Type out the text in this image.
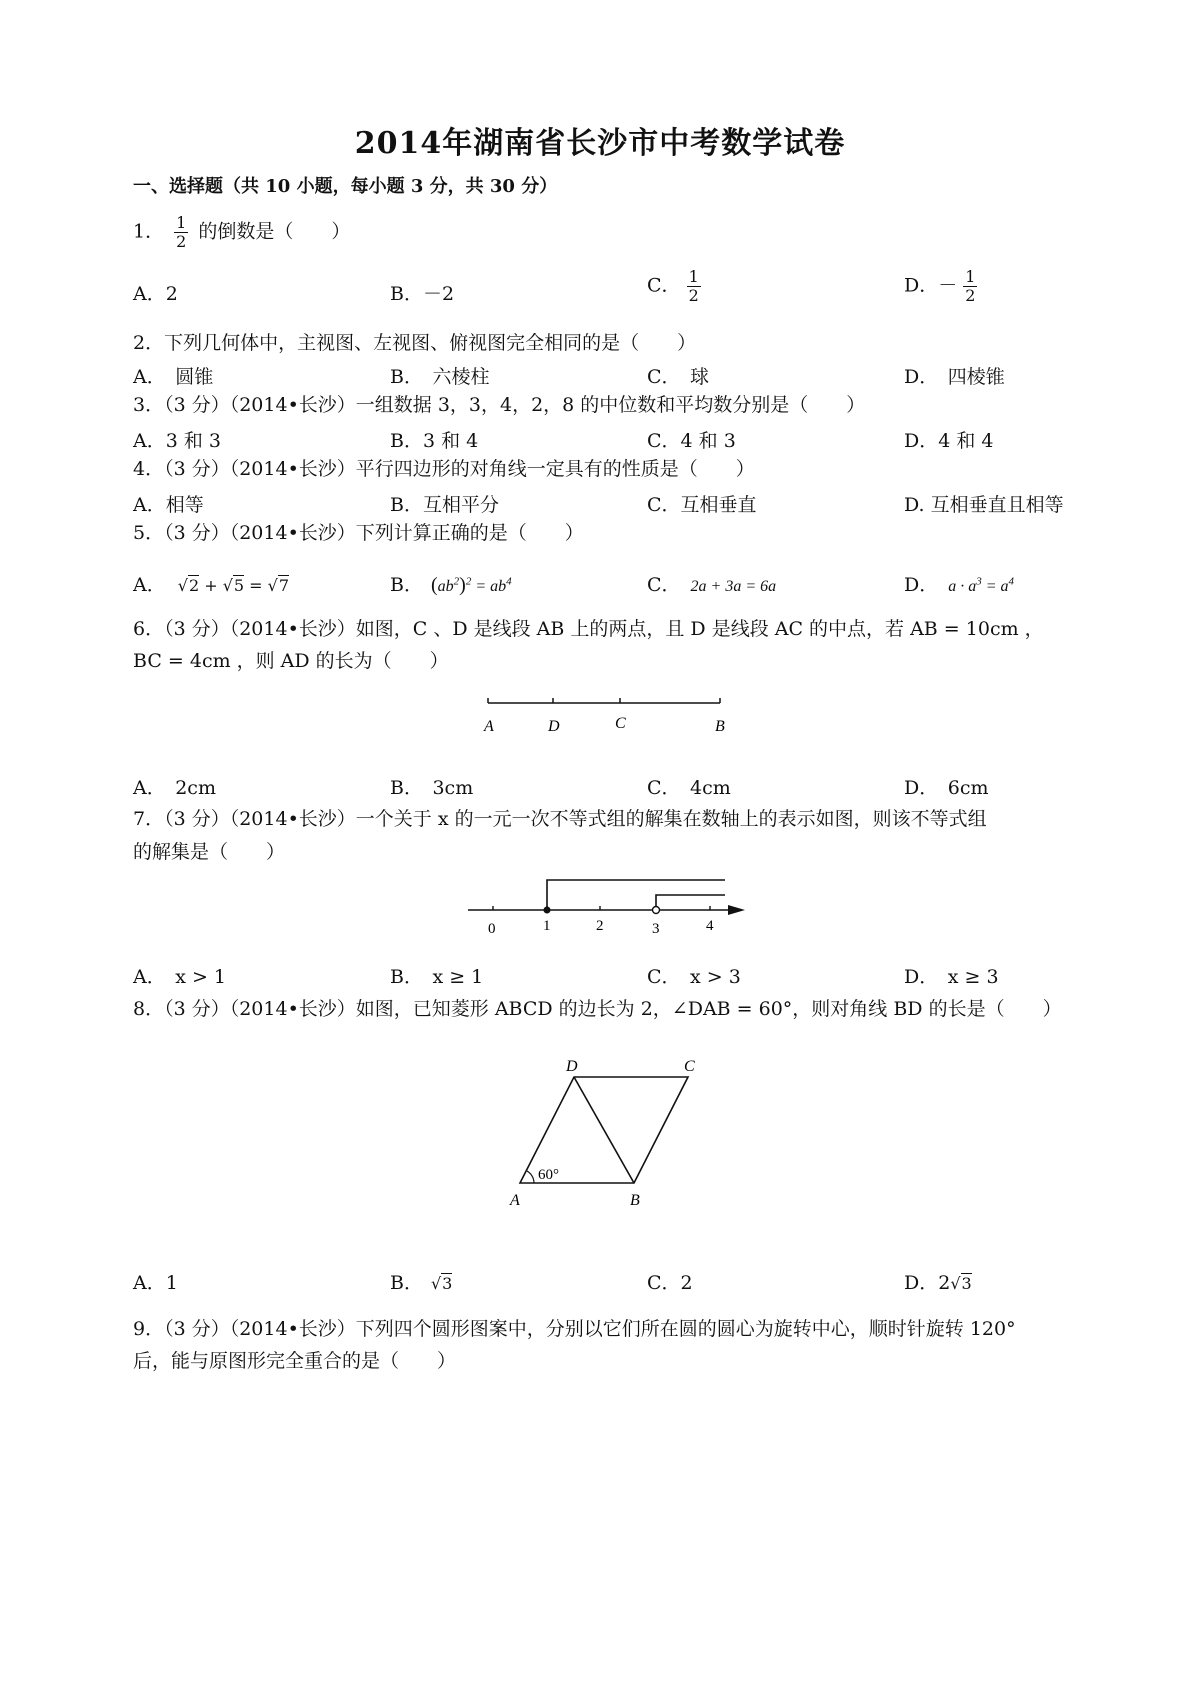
2014年湖南省长沙市中考数学试卷
一、选择题（共 10 小题，每小题 3 分，共 30 分）
1． $\frac{1}{2}$ 的倒数是（　　）
A．2	B．－2	C． $\frac{1}{2}$	D．－ $\frac{1}{2}$
2．下列几何体中，主视图、左视图、俯视图完全相同的是（　　）
A．　圆锥	B．　六棱柱	C．　球	D．　四棱锥
3．（3 分）（2014•长沙）一组数据 3，3，4，2，8 的中位数和平均数分别是（　　）
A．3 和 3	B．3 和 4	C．4 和 3	D．4 和 4
4．（3 分）（2014•长沙）平行四边形的对角线一定具有的性质是（　　）
A．相等	B．互相平分	C．互相垂直	D. 互相垂直且相等
5．（3 分）（2014•长沙）下列计算正确的是（　　）
A． √2 + √5 = √7	B． $(ab^2)^2 = ab^4$	C． 2a + 3a = 6a	D． $a \cdot a^3 = a^4$
6．（3 分）（2014•长沙）如图，C 、D 是线段 AB 上的两点，且 D 是线段 AC 的中点，若 AB = 10cm ，
BC = 4cm ，则 AD 的长为（　　）
A	D	C	B
A．　2cm	B．　3cm	C．　4cm	D．　6cm
7．（3 分）（2014•长沙）一个关于 x 的一元一次不等式组的解集在数轴上的表示如图，则该不等式组
的解集是（　　）
0	1	2	3	4
A．　x > 1	B．　x ≥ 1	C．　x > 3	D．　x ≥ 3
8．（3 分）（2014•长沙）如图，已知菱形 ABCD 的边长为 2，∠DAB = 60°，则对角线 BD 的长是（　　）
60°
D	C
A	B
A．1	B． √3	C．2	D．2√3
9．（3 分）（2014•长沙）下列四个圆形图案中，分别以它们所在圆的圆心为旋转中心，顺时针旋转 120°
后，能与原图形完全重合的是（　　）
